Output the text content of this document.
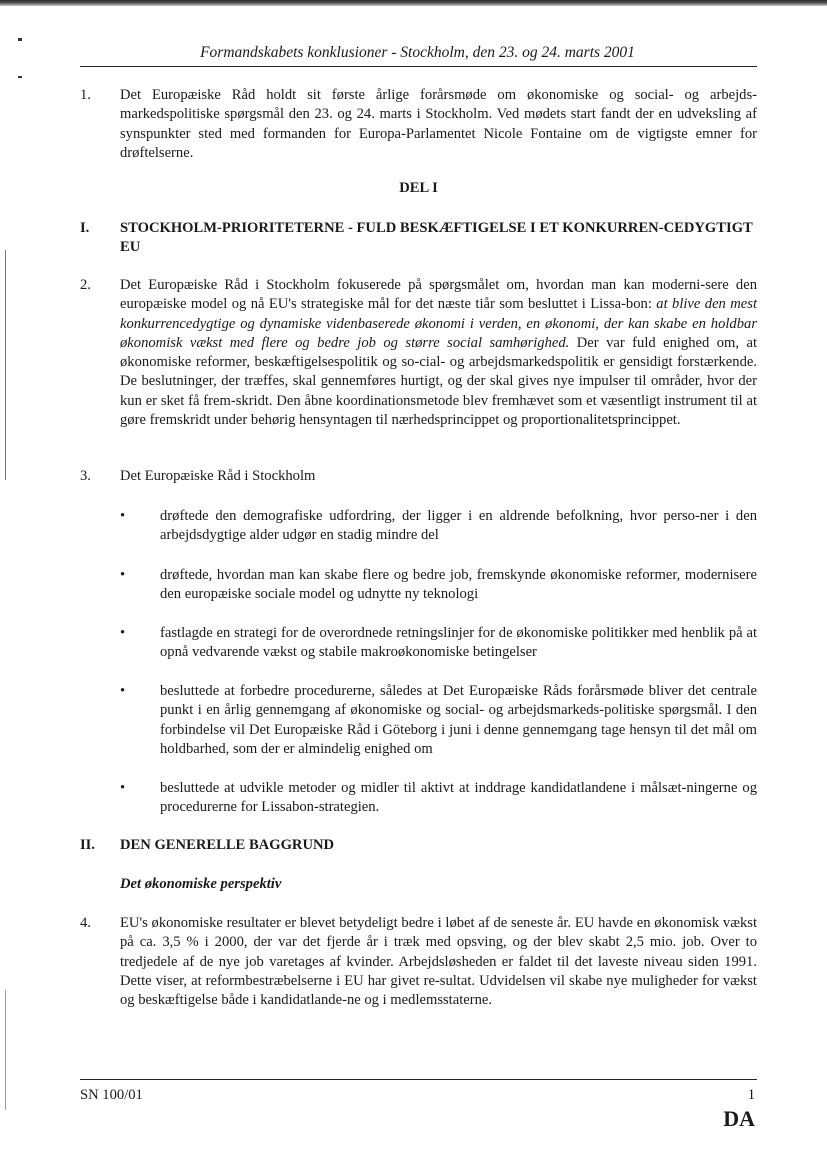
Formandskabets konklusioner - Stockholm, den 23. og 24. marts 2001
1. Det Europæiske Råd holdt sit første årlige forårsmøde om økonomiske og social- og arbejds-markedspolitiske spørgsmål den 23. og 24. marts i Stockholm. Ved mødets start fandt der en udveksling af synspunkter sted med formanden for Europa-Parlamentet Nicole Fontaine om de vigtigste emner for drøftelserne.
DEL I
I. STOCKHOLM-PRIORITETERNE - FULD BESKÆFTIGELSE I ET KONKURREN-CEDYGTIGT EU
2. Det Europæiske Råd i Stockholm fokuserede på spørgsmålet om, hvordan man kan moderni-sere den europæiske model og nå EU's strategiske mål for det næste tiår som besluttet i Lissa-bon: at blive den mest konkurrencedygtige og dynamiske videnbaserede økonomi i verden, en økonomi, der kan skabe en holdbar økonomisk vækst med flere og bedre job og større social samhørighed. Der var fuld enighed om, at økonomiske reformer, beskæftigelsespolitik og so-cial- og arbejdsmarkedspolitik er gensidigt forstærkende. De beslutninger, der træffes, skal gennemføres hurtigt, og der skal gives nye impulser til områder, hvor der kun er sket få frem-skridt. Den åbne koordinationsmetode blev fremhævet som et væsentligt instrument til at gøre fremskridt under behørig hensyntagen til nærhedsprincippet og proportionalitetsprincippet.
3. Det Europæiske Råd i Stockholm
• drøftede den demografiske udfordring, der ligger i en aldrende befolkning, hvor perso-ner i den arbejdsdygtige alder udgør en stadig mindre del
• drøftede, hvordan man kan skabe flere og bedre job, fremskynde økonomiske reformer, modernisere den europæiske sociale model og udnytte ny teknologi
• fastlagde en strategi for de overordnede retningslinjer for de økonomiske politikker med henblik på at opnå vedvarende vækst og stabile makroøkonomiske betingelser
• besluttede at forbedre procedurerne, således at Det Europæiske Råds forårsmøde bliver det centrale punkt i en årlig gennemgang af økonomiske og social- og arbejdsmarkeds-politiske spørgsmål. I den forbindelse vil Det Europæiske Råd i Göteborg i juni i denne gennemgang tage hensyn til det mål om holdbarhed, som der er almindelig enighed om
• besluttede at udvikle metoder og midler til aktivt at inddrage kandidatlandene i målsæt-ningerne og procedurerne for Lissabon-strategien.
II. DEN GENERELLE BAGGRUND
Det økonomiske perspektiv
4. EU's økonomiske resultater er blevet betydeligt bedre i løbet af de seneste år. EU havde en økonomisk vækst på ca. 3,5 % i 2000, der var det fjerde år i træk med opsving, og der blev skabt 2,5 mio. job. Over to tredjedele af de nye job varetages af kvinder. Arbejdsløsheden er faldet til det laveste niveau siden 1991. Dette viser, at reformbestræbelserne i EU har givet re-sultat. Udvidelsen vil skabe nye muligheder for vækst og beskæftigelse både i kandidatlande-ne og i medlemsstaterne.
SN 100/01	1
DA
